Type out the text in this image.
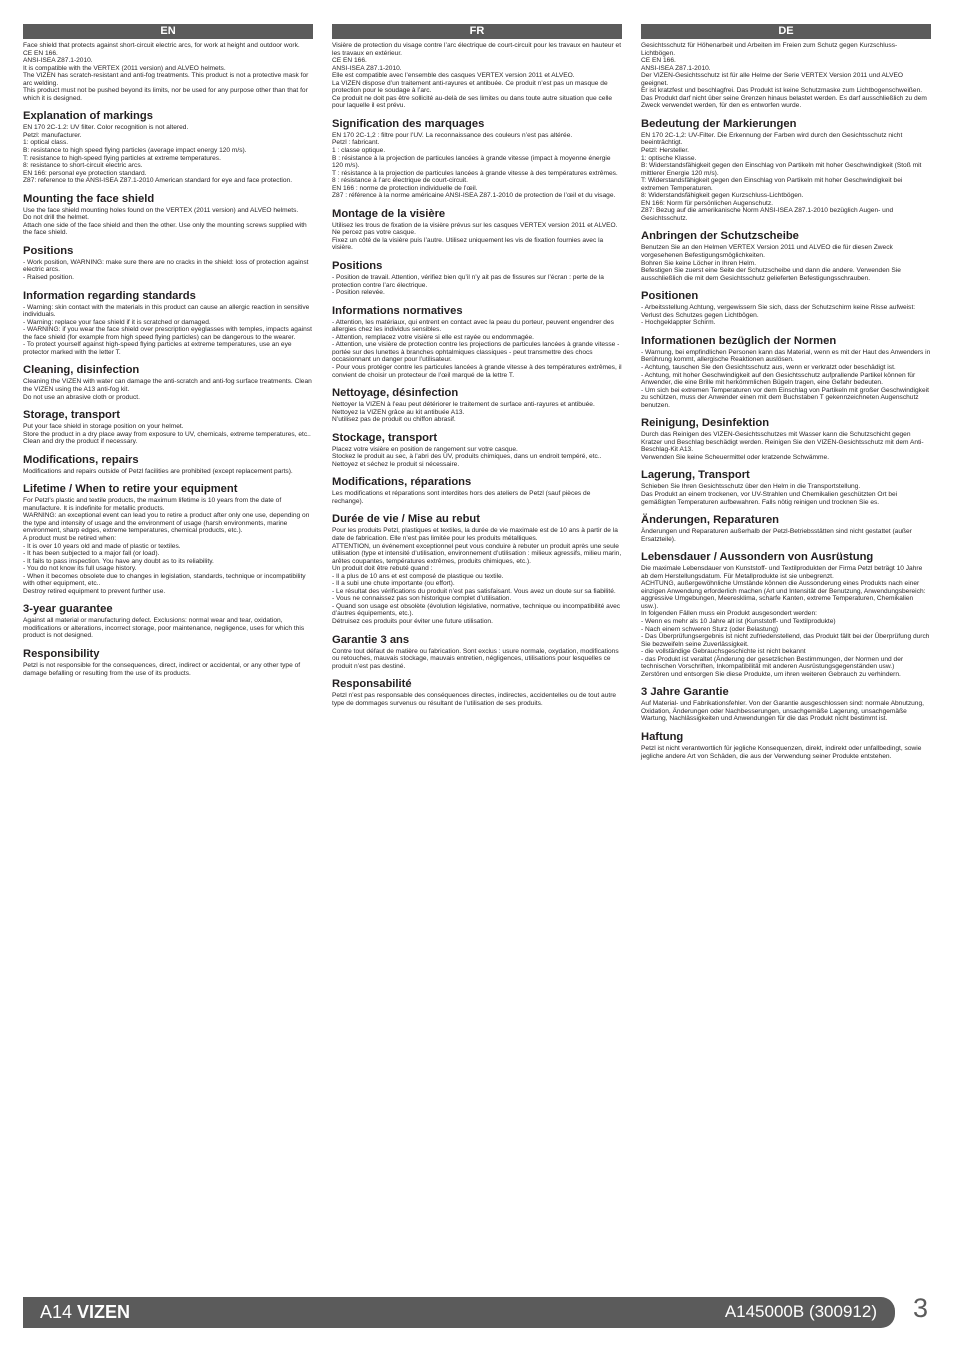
EN

Face shield that protects against short-circuit electric arcs, for work at height and outdoor work.
CE EN 166.
ANSI-ISEA Z87.1-2010.
It is compatible with the VERTEX (2011 version) and ALVEO helmets.
The VIZEN has scratch-resistant and anti-fog treatments. This product is not a protective mask for arc welding.
This product must not be pushed beyond its limits, nor be used for any purpose other than that for which it is designed.

Explanation of markings

EN 170 2C-1.2: UV filter. Color recognition is not altered.
Petzl: manufacturer.
1: optical class.
B: resistance to high speed flying particles (average impact energy 120 m/s).
T: resistance to high-speed flying particles at extreme temperatures.
8: resistance to short-circuit electric arcs.
EN 166: personal eye protection standard.
Z87: reference to the ANSI-ISEA Z87.1-2010 American standard for eye and face protection.

Mounting the face shield

Use the face shield mounting holes found on the VERTEX (2011 version) and ALVEO helmets.
Do not drill the helmet.
Attach one side of the face shield and then the other. Use only the mounting screws supplied with the face shield.

Positions

- Work position, WARNING: make sure there are no cracks in the shield: loss of protection against electric arcs.
- Raised position.

Information regarding standards

- Warning: skin contact with the materials in this product can cause an allergic reaction in sensitive individuals.
- Warning: replace your face shield if it is scratched or damaged.
- WARNING: if you wear the face shield over prescription eyeglasses with temples, impacts against the face shield (for example from high speed flying particles) can be dangerous to the wearer.
- To protect yourself against high-speed flying particles at extreme temperatures, use an eye protector marked with the letter T.

Cleaning, disinfection

Cleaning the VIZEN with water can damage the anti-scratch and anti-fog surface treatments. Clean the VIZEN using the A13 anti-fog kit.
Do not use an abrasive cloth or product.

Storage, transport

Put your face shield in storage position on your helmet.
Store the product in a dry place away from exposure to UV, chemicals, extreme temperatures, etc.. Clean and dry the product if necessary.

Modifications, repairs

Modifications and repairs outside of Petzl facilities are prohibited (except replacement parts).

Lifetime / When to retire your equipment

For Petzl's plastic and textile products, the maximum lifetime is 10 years from the date of manufacture. It is indefinite for metallic products.
WARNING: an exceptional event can lead you to retire a product after only one use, depending on the type and intensity of usage and the environment of usage (harsh environments, marine environment, sharp edges, extreme temperatures, chemical products, etc.).
A product must be retired when:
- It is over 10 years old and made of plastic or textiles.
- It has been subjected to a major fall (or load).
- It fails to pass inspection. You have any doubt as to its reliability.
- You do not know its full usage history.
- When it becomes obsolete due to changes in legislation, standards, technique or incompatibility with other equipment, etc..
Destroy retired equipment to prevent further use.

3-year guarantee

Against all material or manufacturing defect. Exclusions: normal wear and tear, oxidation, modifications or alterations, incorrect storage, poor maintenance, negligence, uses for which this product is not designed.

Responsibility

Petzl is not responsible for the consequences, direct, indirect or accidental, or any other type of damage befalling or resulting from the use of its products.

FR

Visière de protection du visage contre l’arc électrique de court-circuit pour les travaux en hauteur et les travaux en extérieur.
CE EN 166.
ANSI-ISEA Z87.1-2010.
Elle est compatible avec l’ensemble des casques VERTEX version 2011 et ALVEO.
La VIZEN dispose d’un traitement anti-rayures et antibuée. Ce produit n’est pas un masque de protection pour le soudage à l’arc.
Ce produit ne doit pas être sollicité au-delà de ses limites ou dans toute autre situation que celle pour laquelle il est prévu.

Signification des marquages

EN 170 2C-1,2 : filtre pour l’UV. La reconnaissance des couleurs n’est pas altérée.
Petzl : fabricant.
1 : classe optique.
B : résistance à la projection de particules lancées à grande vitesse (impact à moyenne énergie 120 m/s).
T : résistance à la projection de particules lancées à grande vitesse à des températures extrêmes.
8 : résistance à l’arc électrique de court-circuit.
EN 166 : norme de protection individuelle de l’œil.
Z87 : référence à la norme américaine ANSI-ISEA Z87.1-2010 de protection de l’œil et du visage.

Montage de la visière

Utilisez les trous de fixation de la visière prévus sur les casques VERTEX version 2011 et ALVEO.
Ne percez pas votre casque.
Fixez un côté de la visière puis l’autre. Utilisez uniquement les vis de fixation fournies avec la visière.

Positions

- Position de travail. Attention, vérifiez bien qu’il n’y ait pas de fissures sur l’écran : perte de la protection contre l’arc électrique.
- Position relevée.

Informations normatives

- Attention, les matériaux, qui entrent en contact avec la peau du porteur, peuvent engendrer des allergies chez les individus sensibles.
- Attention, remplacez votre visière si elle est rayée ou endommagée.
- Attention, une visière de protection contre les projections de particules lancées à grande vitesse - portée sur des lunettes à branches ophtalmiques classiques - peut transmettre des chocs occasionnant un danger pour l’utilisateur.
- Pour vous protéger contre les particules lancées à grande vitesse à des températures extrêmes, il convient de choisir un protecteur de l’œil marqué de la lettre T.

Nettoyage, désinfection

Nettoyer la VIZEN à l’eau peut détériorer le traitement de surface anti-rayures et antibuée. Nettoyez la VIZEN grâce au kit antibuée A13.
N’utilisez pas de produit ou chiffon abrasif.

Stockage, transport

Placez votre visière en position de rangement sur votre casque.
Stockez le produit au sec, à l’abri des UV, produits chimiques, dans un endroit tempéré, etc.. Nettoyez et séchez le produit si nécessaire.

Modifications, réparations

Les modifications et réparations sont interdites hors des ateliers de Petzl (sauf pièces de rechange).

Durée de vie / Mise au rebut

Pour les produits Petzl, plastiques et textiles, la durée de vie maximale est de 10 ans à partir de la date de fabrication. Elle n’est pas limitée pour les produits métalliques.
ATTENTION, un événement exceptionnel peut vous conduire à rebuter un produit après une seule utilisation (type et intensité d’utilisation, environnement d’utilisation : milieux agressifs, milieu marin, arêtes coupantes, températures extrêmes, produits chimiques, etc.).
Un produit doit être rebuté quand :
- Il a plus de 10 ans et est composé de plastique ou textile.
- Il a subi une chute importante (ou effort).
- Le résultat des vérifications du produit n’est pas satisfaisant. Vous avez un doute sur sa fiabilité.
- Vous ne connaissez pas son historique complet d’utilisation.
- Quand son usage est obsolète (évolution législative, normative, technique ou incompatibilité avec d’autres équipements, etc.).
Détruisez ces produits pour éviter une future utilisation.

Garantie 3 ans

Contre tout défaut de matière ou fabrication. Sont exclus : usure normale, oxydation, modifications ou retouches, mauvais stockage, mauvais entretien, négligences, utilisations pour lesquelles ce produit n’est pas destiné.

Responsabilité

Petzl n’est pas responsable des conséquences directes, indirectes, accidentelles ou de tout autre type de dommages survenus ou résultant de l’utilisation de ses produits.

DE

Gesichtsschutz für Höhenarbeit und Arbeiten im Freien zum Schutz gegen Kurzschluss-Lichtbögen.
CE EN 166.
ANSI-ISEA Z87.1-2010.
Der VIZEN-Gesichtsschutz ist für alle Helme der Serie VERTEX Version 2011 und ALVEO geeignet.
Er ist kratzfest und beschlagfrei. Das Produkt ist keine Schutzmaske zum Lichtbogenschweißen.
Das Produkt darf nicht über seine Grenzen hinaus belastet werden. Es darf ausschließlich zu dem Zweck verwendet werden, für den es entworfen wurde.

Bedeutung der Markierungen

EN 170 2C-1,2: UV-Filter. Die Erkennung der Farben wird durch den Gesichtsschutz nicht beeinträchtigt.
Petzl: Hersteller.
1: optische Klasse.
B: Widerstandsfähigkeit gegen den Einschlag von Partikeln mit hoher Geschwindigkeit (Stoß mit mittlerer Energie 120 m/s).
T: Widerstandsfähigkeit gegen den Einschlag von Partikeln mit hoher Geschwindigkeit bei extremen Temperaturen.
8: Widerstandsfähigkeit gegen Kurzschluss-Lichtbögen.
EN 166: Norm für persönlichen Augenschutz.
Z87: Bezug auf die amerikanische Norm ANSI-ISEA Z87.1-2010 bezüglich Augen- und Gesichtsschutz.

Anbringen der Schutzscheibe

Benutzen Sie an den Helmen VERTEX Version 2011 und ALVEO die für diesen Zweck vorgesehenen Befestigungsmöglichkeiten.
Bohren Sie keine Löcher in Ihren Helm.
Befestigen Sie zuerst eine Seite der Schutzscheibe und dann die andere. Verwenden Sie ausschließlich die mit dem Gesichtsschutz gelieferten Befestigungsschrauben.

Positionen

- Arbeitsstellung Achtung, vergewissern Sie sich, dass der Schutzschirm keine Risse aufweist: Verlust des Schutzes gegen Lichtbögen.
- Hochgeklappter Schirm.

Informationen bezüglich der Normen

- Warnung, bei empfindlichen Personen kann das Material, wenn es mit der Haut des Anwenders in Berührung kommt, allergische Reaktionen auslösen.
- Achtung, tauschen Sie den Gesichtsschutz aus, wenn er verkratzt oder beschädigt ist.
- Achtung, mit hoher Geschwindigkeit auf den Gesichtsschutz aufprallende Partikel können für Anwender, die eine Brille mit herkömmlichen Bügeln tragen, eine Gefahr bedeuten.
- Um sich bei extremen Temperaturen vor dem Einschlag von Partikeln mit großer Geschwindigkeit zu schützen, muss der Anwender einen mit dem Buchstaben T gekennzeichneten Augenschutz benutzen.

Reinigung, Desinfektion

Durch das Reinigen des VIZEN-Gesichtsschutzes mit Wasser kann die Schutzschicht gegen Kratzer und Beschlag beschädigt werden. Reinigen Sie den VIZEN-Gesichtsschutz mit dem Anti-Beschlag-Kit A13.
Verwenden Sie keine Scheuermittel oder kratzende Schwämme.

Lagerung, Transport

Schieben Sie Ihren Gesichtsschutz über den Helm in die Transportstellung.
Das Produkt an einem trockenen, vor UV-Strahlen und Chemikalien geschützten Ort bei gemäßigten Temperaturen aufbewahren. Falls nötig reinigen und trocknen Sie es.

Änderungen, Reparaturen

Änderungen und Reparaturen außerhalb der Petzl-Betriebsstätten sind nicht gestattet (außer Ersatzteile).

Lebensdauer / Aussondern von Ausrüstung

Die maximale Lebensdauer von Kunststoff- und Textilprodukten der Firma Petzl beträgt 10 Jahre ab dem Herstellungsdatum. Für Metallprodukte ist sie unbegrenzt.
ACHTUNG, außergewöhnliche Umstände können die Aussonderung eines Produkts nach einer einzigen Anwendung erforderlich machen (Art und Intensität der Benutzung, Anwendungsbereich: aggressive Umgebungen, Meeresklima, scharfe Kanten, extreme Temperaturen, Chemikalien usw.).
In folgenden Fällen muss ein Produkt ausgesondert werden:
- Wenn es mehr als 10 Jahre alt ist (Kunststoff- und Textilprodukte)
- Nach einem schweren Sturz (oder Belastung)
- Das Überprüfungsergebnis ist nicht zufriedenstellend, das Produkt fällt bei der Überprüfung durch Sie bezweifeln seine Zuverlässigkeit.
- die vollständige Gebrauchsgeschichte ist nicht bekannt
- das Produkt ist veraltet (Änderung der gesetzlichen Bestimmungen, der Normen und der technischen Vorschriften, Inkompatibilität mit anderen Ausrüstungsgegenständen usw.)
Zerstören und entsorgen Sie diese Produkte, um ihren weiteren Gebrauch zu verhindern.

3 Jahre Garantie

Auf Material- und Fabrikationsfehler. Von der Garantie ausgeschlossen sind: normale Abnutzung, Oxidation, Änderungen oder Nachbesserungen, unsachgemäße Lagerung, unsachgemäße Wartung, Nachlässigkeiten und Anwendungen für die das Produkt nicht bestimmt ist.

Haftung

Petzl ist nicht verantwortlich für jegliche Konsequenzen, direkt, indirekt oder unfallbedingt, sowie jegliche andere Art von Schäden, die aus der Verwendung seiner Produkte entstehen.

A14 VIZEN	A145000B (300912) 3
